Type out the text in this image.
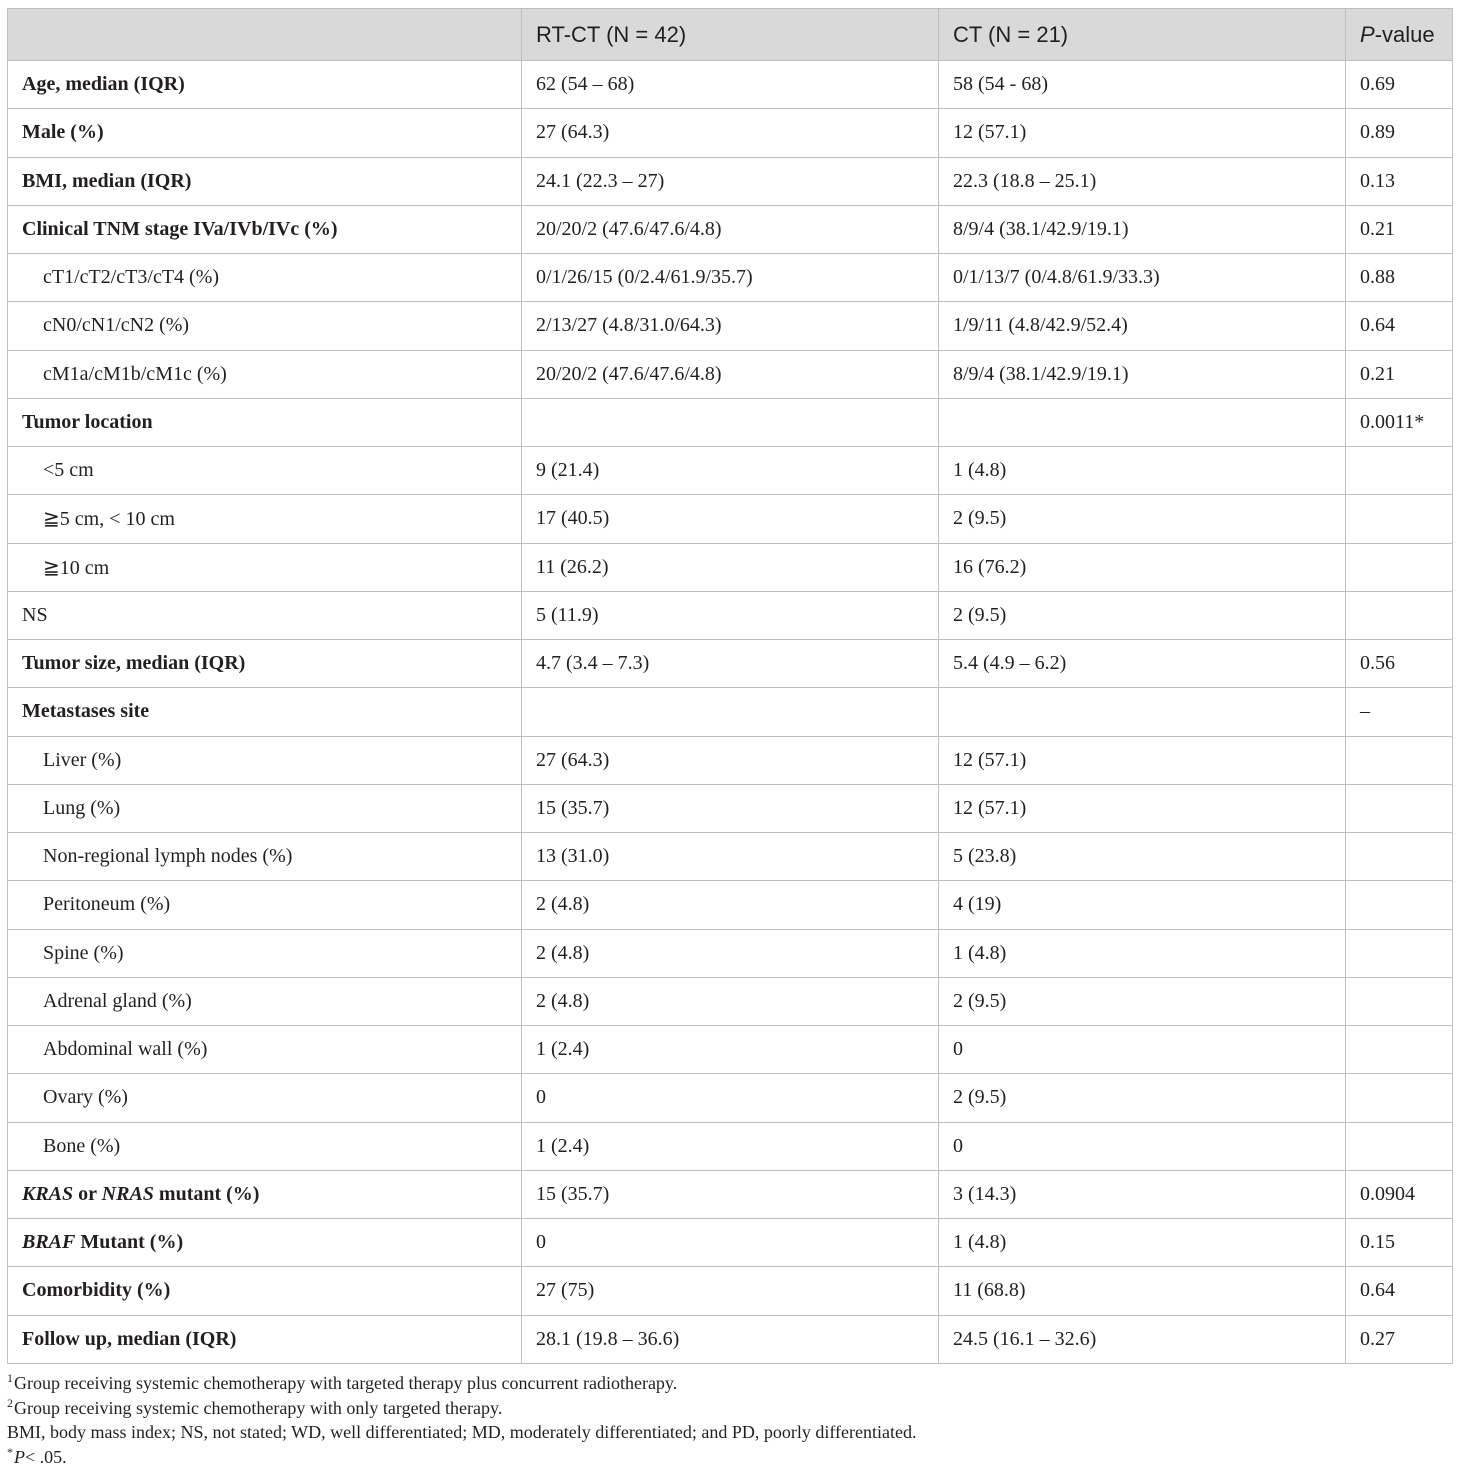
	RT-CT (N = 42)	CT (N = 21)	P-value
Age, median (IQR)	62 (54 – 68)	58 (54 - 68)	0.69
Male (%)	27 (64.3)	12 (57.1)	0.89
BMI, median (IQR)	24.1 (22.3 – 27)	22.3 (18.8 – 25.1)	0.13
Clinical TNM stage IVa/IVb/IVc (%)	20/20/2 (47.6/47.6/4.8)	8/9/4 (38.1/42.9/19.1)	0.21
cT1/cT2/cT3/cT4 (%)	0/1/26/15 (0/2.4/61.9/35.7)	0/1/13/7 (0/4.8/61.9/33.3)	0.88
cN0/cN1/cN2 (%)	2/13/27 (4.8/31.0/64.3)	1/9/11 (4.8/42.9/52.4)	0.64
cM1a/cM1b/cM1c (%)	20/20/2 (47.6/47.6/4.8)	8/9/4 (38.1/42.9/19.1)	0.21
Tumor location			0.0011*
<5 cm	9 (21.4)	1 (4.8)	
≧5 cm, < 10 cm	17 (40.5)	2 (9.5)	
≧10 cm	11 (26.2)	16 (76.2)	
NS	5 (11.9)	2 (9.5)	
Tumor size, median (IQR)	4.7 (3.4 – 7.3)	5.4 (4.9 – 6.2)	0.56
Metastases site			–
Liver (%)	27 (64.3)	12 (57.1)	
Lung (%)	15 (35.7)	12 (57.1)	
Non-regional lymph nodes (%)	13 (31.0)	5 (23.8)	
Peritoneum (%)	2 (4.8)	4 (19)	
Spine (%)	2 (4.8)	1 (4.8)	
Adrenal gland (%)	2 (4.8)	2 (9.5)	
Abdominal wall (%)	1 (2.4)	0	
Ovary (%)	0	2 (9.5)	
Bone (%)	1 (2.4)	0	
KRAS or NRAS mutant (%)	15 (35.7)	3 (14.3)	0.0904
BRAF Mutant (%)	0	1 (4.8)	0.15
Comorbidity (%)	27 (75)	11 (68.8)	0.64
Follow up, median (IQR)	28.1 (19.8 – 36.6)	24.5 (16.1 – 32.6)	0.27
$^1$Group receiving systemic chemotherapy with targeted therapy plus concurrent radiotherapy.
$^2$Group receiving systemic chemotherapy with only targeted therapy.
BMI, body mass index; NS, not stated; WD, well differentiated; MD, moderately differentiated; and PD, poorly differentiated.
*P< .05.
